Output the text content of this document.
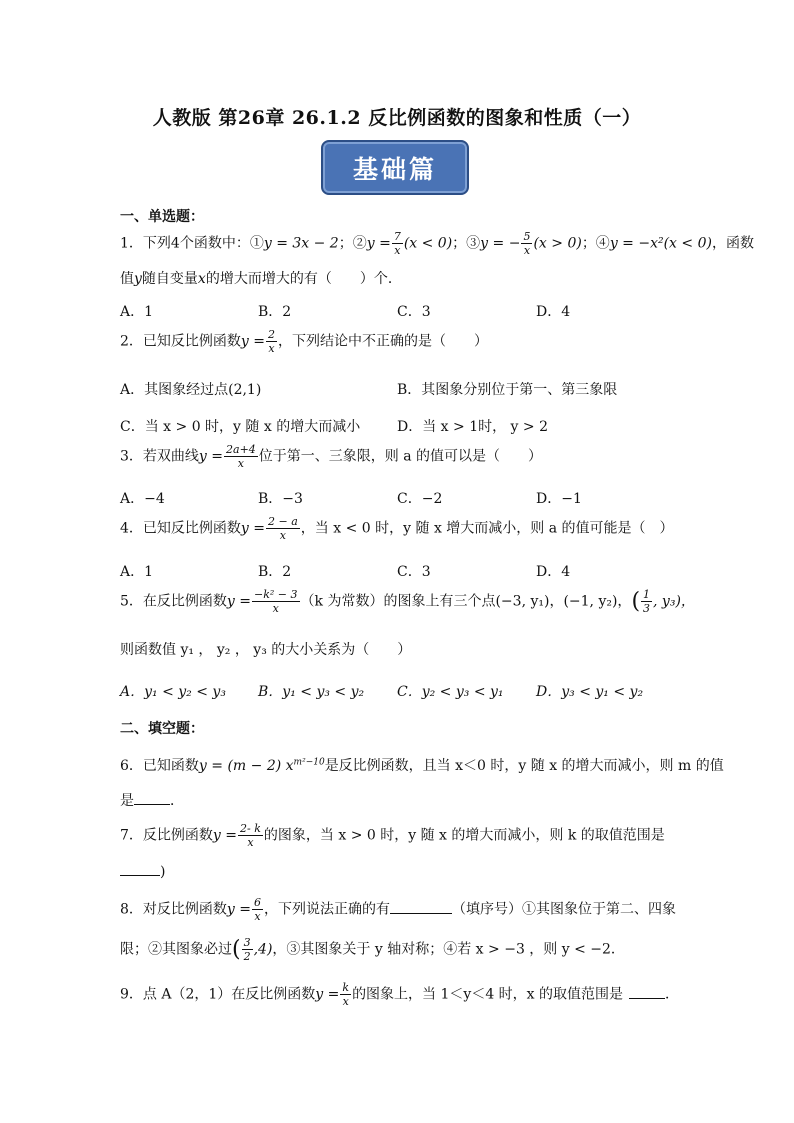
人教版 第26章 26.1.2 反比例函数的图象和性质（一）
基础篇
一、单选题：
1．下列4个函数中：①y = 3x − 2；②y = $\frac{7}{x} (x < 0)$；③y = − $\frac{5}{x} (x > 0)$；④y = −x²(x < 0)，函数
值y随自变量x的增大而增大的有（　　）个．
A．1	B．2	C．3	D．4
2．已知反比例函数$y = \frac{2}{x}$ ，下列结论中不正确的是（　　）
A．其图象经过点(2,1)	B．其图象分别位于第一、第三象限
C．当 x > 0 时，y 随 x 的增大而减小	D．当 x > 1时， y > 2
3．若双曲线$y = \frac{2a+4}{x}$ 位于第一、三象限，则 a 的值可以是（　　）
A．−4	B．−3	C．−2	D．−1
4．已知反比例函数$y = \frac{2 - a}{x}$ ，当 x < 0 时，y 随 x 增大而减小，则 a 的值可能是（　）
A．1	B．2	C．3	D．4
5．在反比例函数$y = \frac{\text{−k² − 3}}{x} (k$ 为常数）的图象上有三个点(−3, y₁)，(−1, y₂)，( $\frac{1}{3}$ , y₃)，
则函数值 y₁ ， y₂ ， y₃ 的大小关系为（　　）
A．y₁ < y₂ < y₃ B．y₁ < y₃ < y₂ C．y₂ < y₃ < y₁ D．y₃ < y₁ < y₂
二、填空题：
6．已知函数y = (m − 2) $x^{m^2-10}$是反比例函数，且当 x＜0 时，y 随 x 的增大而减小，则 m 的值
是	．
7．反比例函数$y = \frac{2- k}{x}$ 的图象，当 x > 0 时，y 随 x 的增大而减小，则 k 的取值范围是
)
8．对反比例函数$y = \frac{6}{x}$ ，下列说法正确的有	（填序号）①其图象位于第二、四象
限；②其图象必过( $\frac{3}{2} ,4$)，③其图象关于 y 轴对称；④若 x > −3 ，则 y < −2．
9．点 A（2，1）在反比例函数$y = \frac{k}{x}$ 的图象上，当 1＜y＜4 时，x 的取值范围是	．
